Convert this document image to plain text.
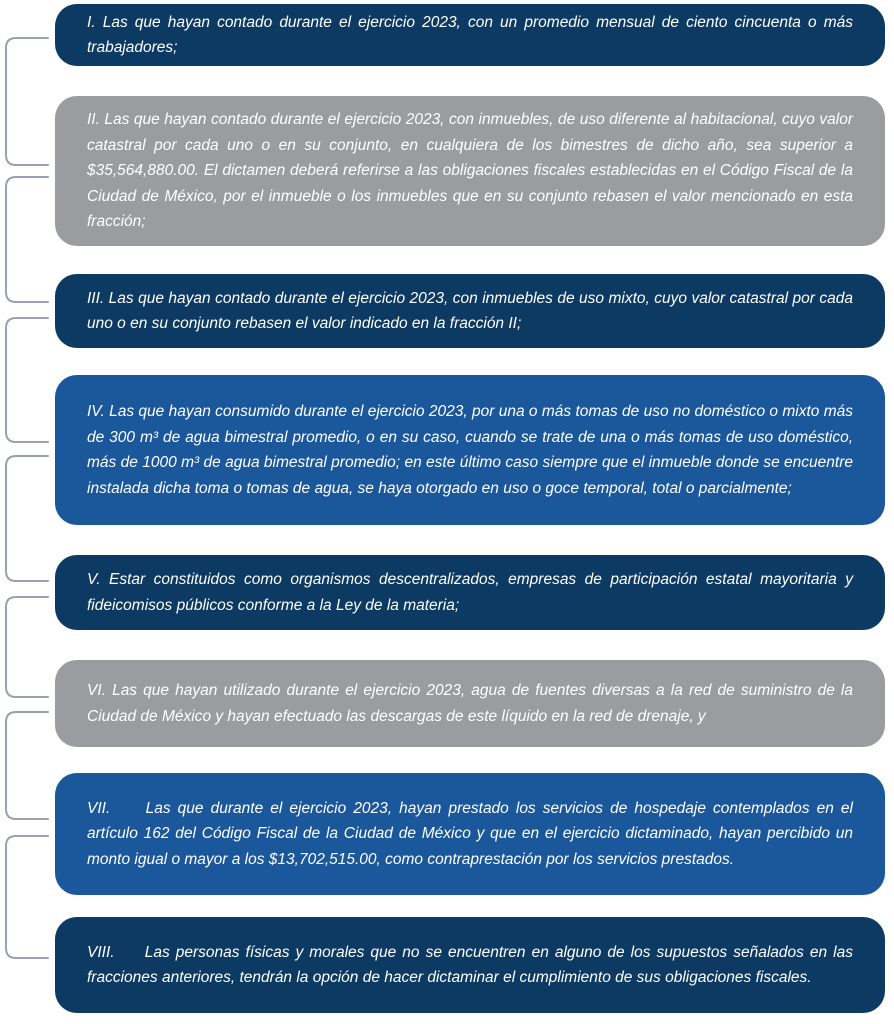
I. Las que hayan contado durante el ejercicio 2023, con un promedio mensual de ciento cincuenta o más trabajadores;

II. Las que hayan contado durante el ejercicio 2023, con inmuebles, de uso diferente al habitacional, cuyo valor catastral por cada uno o en su conjunto, en cualquiera de los bimestres de dicho año, sea superior a $35,564,880.00. El dictamen deberá referirse a las obligaciones fiscales establecidas en el Código Fiscal de la Ciudad de México, por el inmueble o los inmuebles que en su conjunto rebasen el valor mencionado en esta fracción;

III. Las que hayan contado durante el ejercicio 2023, con inmuebles de uso mixto, cuyo valor catastral por cada uno o en su conjunto rebasen el valor indicado en la fracción II;

IV. Las que hayan consumido durante el ejercicio 2023, por una o más tomas de uso no doméstico o mixto más de 300 m³ de agua bimestral promedio, o en su caso, cuando se trate de una o más tomas de uso doméstico, más de 1000 m³ de agua bimestral promedio; en este último caso siempre que el inmueble donde se encuentre instalada dicha toma o tomas de agua, se haya otorgado en uso o goce temporal, total o parcialmente;

V. Estar constituidos como organismos descentralizados, empresas de participación estatal mayoritaria y fideicomisos públicos conforme a la Ley de la materia;

VI. Las que hayan utilizado durante el ejercicio 2023, agua de fuentes diversas a la red de suministro de la Ciudad de México y hayan efectuado las descargas de este líquido en la red de drenaje, y

VII.     Las que durante el ejercicio 2023, hayan prestado los servicios de hospedaje contemplados en el artículo 162 del Código Fiscal de la Ciudad de México y que en el ejercicio dictaminado, hayan percibido un monto igual o mayor a los $13,702,515.00, como contraprestación por los servicios prestados.

VIII.     Las personas físicas y morales que no se encuentren en alguno de los supuestos señalados en las fracciones anteriores, tendrán la opción de hacer dictaminar el cumplimiento de sus obligaciones fiscales.
